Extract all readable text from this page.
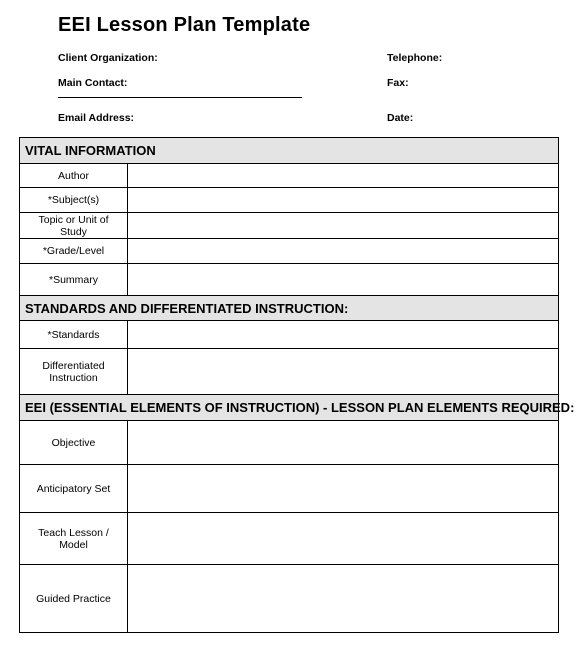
EEI Lesson Plan Template
Client Organization:
Main Contact:
Email Address:
Telephone:
Fax:
Date:
VITAL INFORMATION	
Author	
*Subject(s)	
Topic or Unit of Study	
*Grade/Level	
*Summary	
STANDARDS AND DIFFERENTIATED INSTRUCTION:	
*Standards	
Differentiated Instruction	
EEI (ESSENTIAL ELEMENTS OF INSTRUCTION) - LESSON PLAN ELEMENTS REQUIRED:	
Objective	
Anticipatory Set	
Teach Lesson / Model	
Guided Practice	
